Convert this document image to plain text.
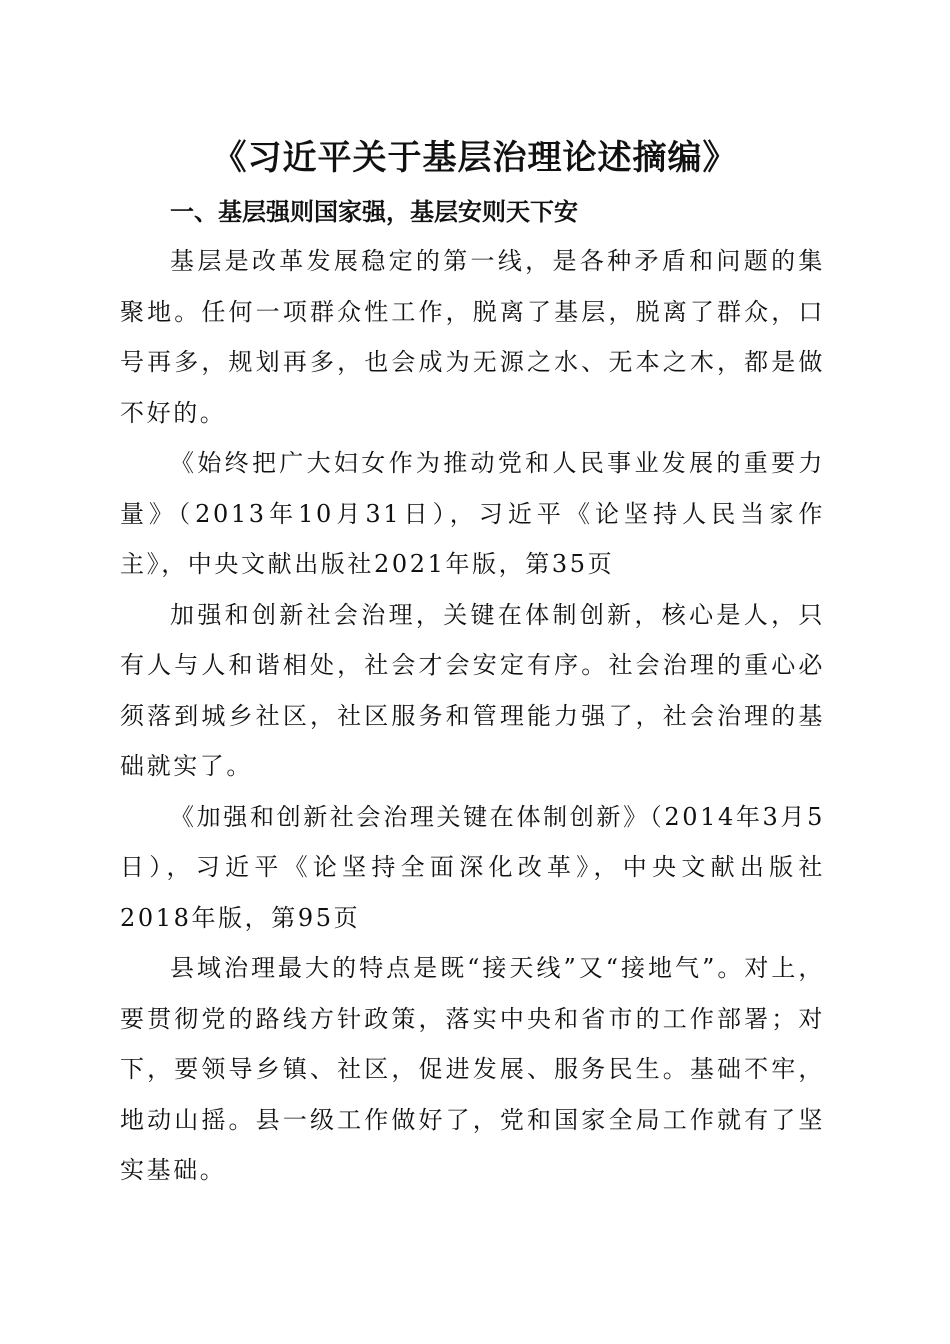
《习近平关于基层治理论述摘编》
一、基层强则国家强，基层安则天下安

基层是改革发展稳定的第一线，是各种矛盾和问题的集聚地。任何一项群众性工作，脱离了基层，脱离了群众，口号再多，规划再多，也会成为无源之水、无本之木，都是做不好的。

《始终把广大妇女作为推动党和人民事业发展的重要力量》（2013年10月31日），习近平《论坚持人民当家作主》，中央文献出版社2021年版，第35页

加强和创新社会治理，关键在体制创新，核心是人，只有人与人和谐相处，社会才会安定有序。社会治理的重心必须落到城乡社区，社区服务和管理能力强了，社会治理的基础就实了。

《加强和创新社会治理关键在体制创新》（2014年3月5日），习近平《论坚持全面深化改革》，中央文献出版社2018年版，第95页

县域治理最大的特点是既“接天线”又“接地气”。对上，要贯彻党的路线方针政策，落实中央和省市的工作部署；对下，要领导乡镇、社区，促进发展、服务民生。基础不牢，地动山摇。县一级工作做好了，党和国家全局工作就有了坚实基础。
